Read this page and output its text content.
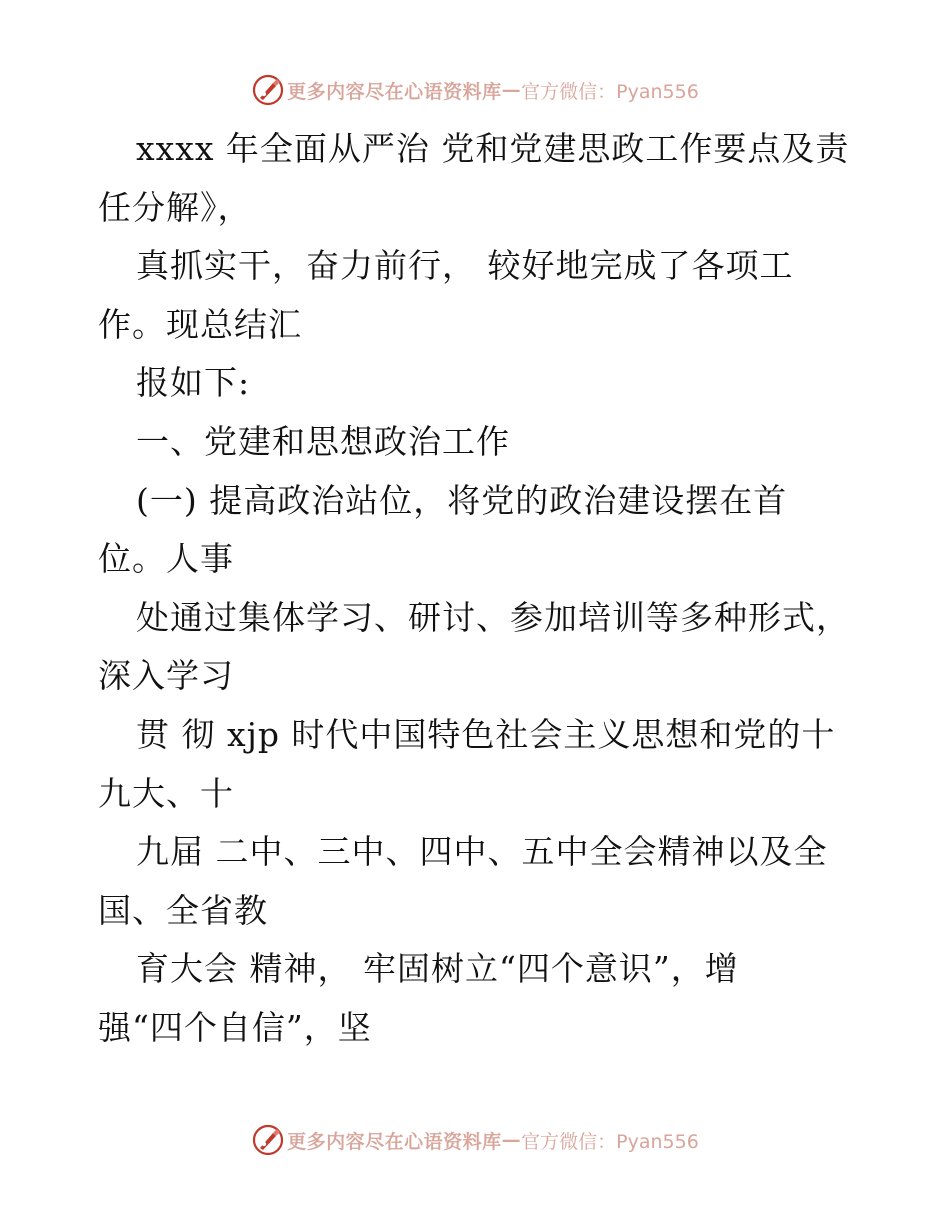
更多内容尽在心语资料库 — 官方微信：Pyan556
xxxx 年全面从严治 党和党建思政工作要点及责
任分解》，
真抓实干，奋力前行， 较好地完成了各项工
作。现总结汇
报如下:
一、党建和思想政治工作
(一) 提高政治站位，将党的政治建设摆在首
位。人事
处通过集体学习、研讨、参加培训等多种形式，
深入学习
贯 彻 xjp 时代中国特色社会主义思想和党的十
九大、十
九届 二中、三中、四中、五中全会精神以及全
国、全省教
育大会 精神， 牢固树立“四个意识”，增
强“四个自信”，坚
更多内容尽在心语资料库 — 官方微信：Pyan556
